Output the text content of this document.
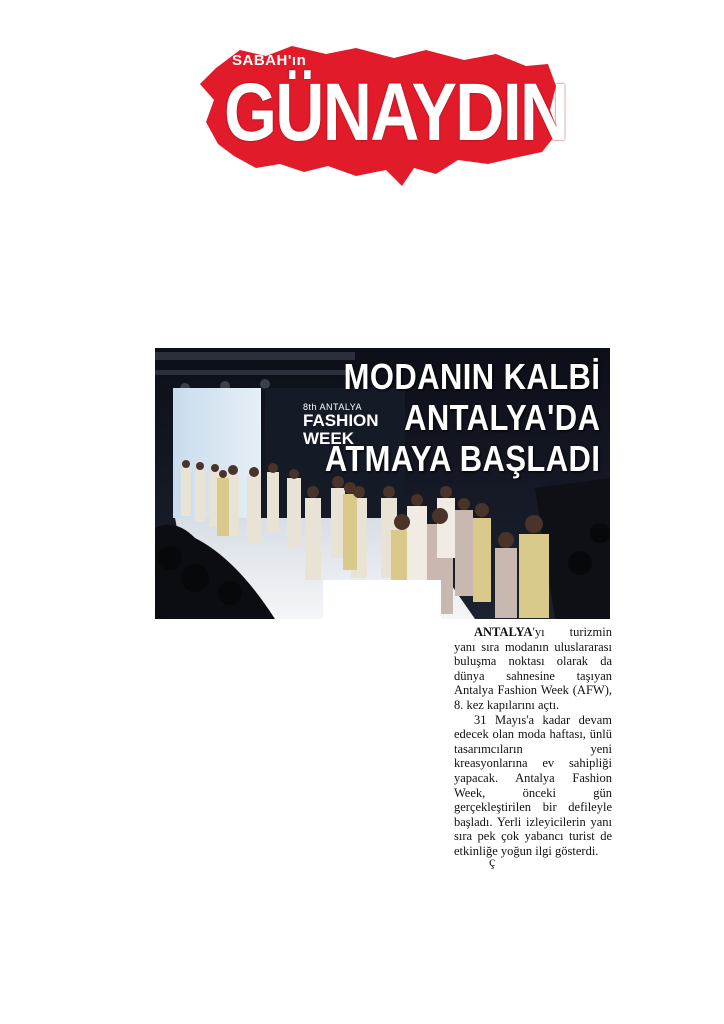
SABAH'ın
GÜNAYDIN
8th ANTALYA
FASHION
WEEK
MODANIN KALBİ
ANTALYA'DA
ATMAYA BAŞLADI

ANTALYA'yı turizmin yanı sıra modanın uluslararası buluşma noktası olarak da dünya sahnesine taşıyan Antalya Fashion Week (AFW), 8. kez kapılarını açtı.

31 Mayıs'a kadar devam edecek olan moda haftası, ünlü tasarımcıların yeni kreasyonlarına ev sahipliği yapacak. Antalya Fashion Week, önceki gün gerçekleştirilen bir defileyle başladı. Yerli izleyicilerin yanı sıra pek çok yabancı turist de etkinliğe yoğun ilgi gösterdi.

ç
